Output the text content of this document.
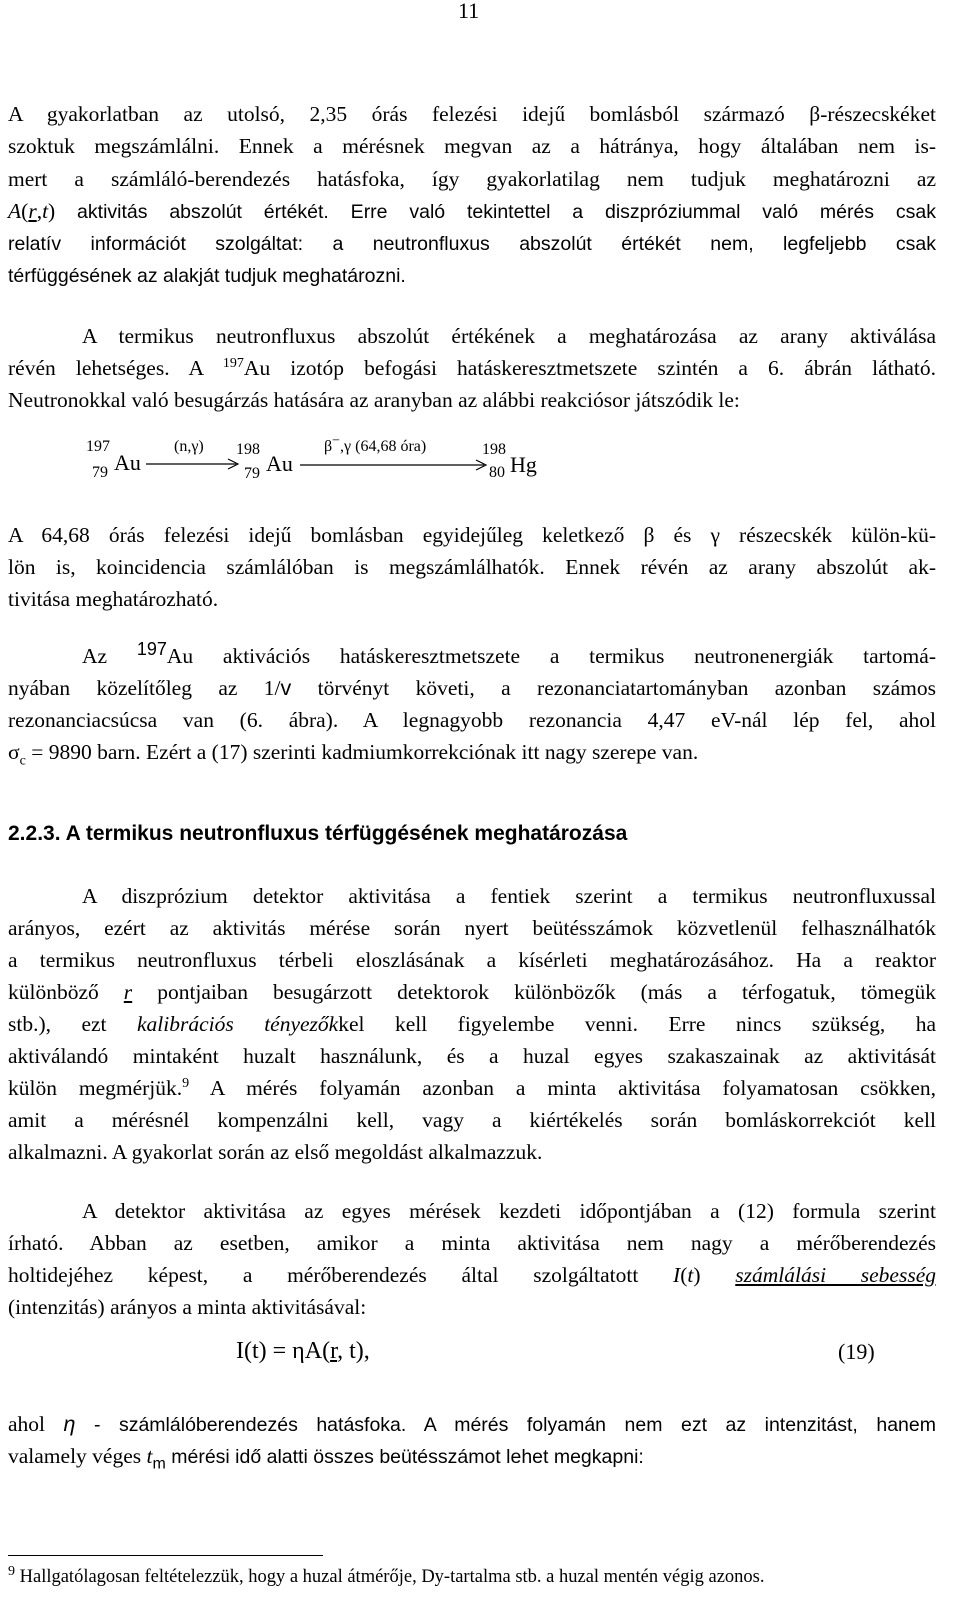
11
A gyakorlatban az utolsó, 2,35 órás felezési idejű bomlásból származó β-részecskéket
szoktuk megszámlálni. Ennek a mérésnek megvan az a hátránya, hogy általában nem is-
mert a számláló-berendezés hatásfoka, így gyakorlatilag nem tudjuk meghatározni az
A(r,t) aktivitás abszolút értékét. Erre való tekintettel a diszpróziummal való mérés csak
relatív információt szolgáltat: a neutronfluxus abszolút értékét nem, legfeljebb csak
térfüggésének az alakját tudjuk meghatározni.
A termikus neutronfluxus abszolút értékének a meghatározása az arany aktiválása
révén lehetséges. A $^{197}$Au izotóp befogási hatáskeresztmetszete szintén a 6. ábrán látható.
Neutronokkal való besugárzás hatására az aranyban az alábbi reakciósor játszódik le:
197
79 Au
(n,γ) 198
79 Au
β−,γ (64,68 óra)	198
80 Hg
A 64,68 órás felezési idejű bomlásban egyidejűleg keletkező β és γ részecskék külön-kü-
lön is, koincidencia számlálóban is megszámlálhatók. Ennek révén az arany abszolút ak-
tivitása meghatározható.
Az $^{197}$Au aktivációs hatáskeresztmetszete a termikus neutronenergiák tartomá-
nyában közelítőleg az 1/v törvényt követi, a rezonanciatartományban azonban számos
rezonanciacsúcsa van (6. ábra). A legnagyobb rezonancia 4,47 eV-nál lép fel, ahol
$\sigma_c = 9890$ barn. Ezért a (17) szerinti kadmiumkorrekciónak itt nagy szerepe van.
2.2.3. A termikus neutronfluxus térfüggésének meghatározása
A diszprózium detektor aktivitása a fentiek szerint a termikus neutronfluxussal
arányos, ezért az aktivitás mérése során nyert beütésszámok közvetlenül felhasználhatók
a termikus neutronfluxus térbeli eloszlásának a kísérleti meghatározásához. Ha a reaktor
különböző r pontjaiban besugárzott detektorok különbözők (más a térfogatuk, tömegük
stb.), ezt kalibrációs tényezőkkel kell figyelembe venni. Erre nincs szükség, ha
aktiválandó mintaként huzalt használunk, és a huzal egyes szakaszainak az aktivitását
külön megmérjük.$^9$ A mérés folyamán azonban a minta aktivitása folyamatosan csökken,
amit a mérésnél kompenzálni kell, vagy a kiértékelés során bomláskorrekciót kell
alkalmazni. A gyakorlat során az első megoldást alkalmazzuk.
A detektor aktivitása az egyes mérések kezdeti időpontjában a (12) formula szerint
írható. Abban az esetben, amikor a minta aktivitása nem nagy a mérőberendezés
holtidejéhez képest, a mérőberendezés által szolgáltatott I(t) számlálási sebesség
(intenzitás) arányos a minta aktivitásával:
I(t) = ηA(r, t),	(19)
ahol η - számlálóberendezés hatásfoka. A mérés folyamán nem ezt az intenzitást, hanem
valamely véges $t_m$ mérési idő alatti összes beütésszámot lehet megkapni:
$^9$ Hallgatólagosan feltételezzük, hogy a huzal átmérője, Dy-tartalma stb. a huzal mentén végig azonos.
